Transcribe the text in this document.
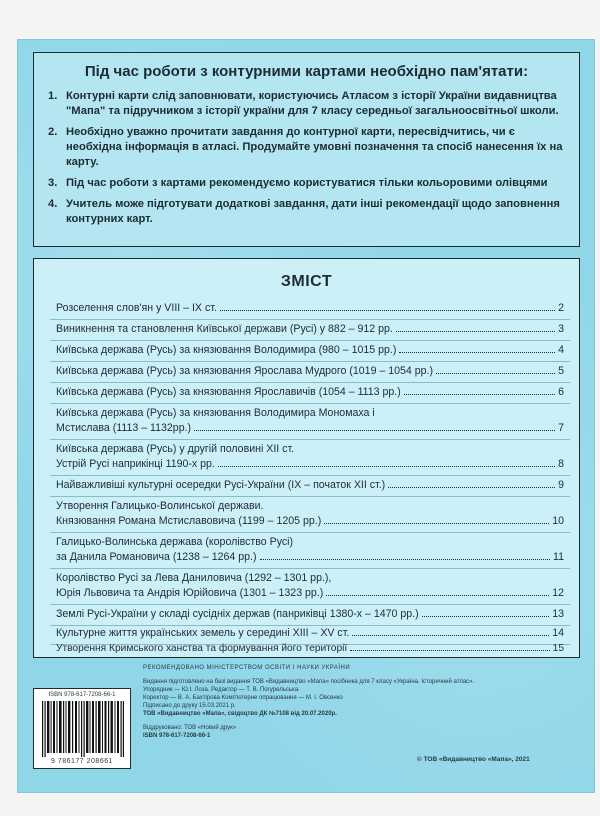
Під час роботи з контурними картами необхідно пам'ятати:
1. Контурні карти слід заповнювати, користуючись Атласом з історії України видавництва "Мапа" та підручником з історії україни для 7 класу середньої загальноосвітньої школи.
2. Необхідно уважно прочитати завдання до контурної карти, пересвідчитись, чи є необхідна інформація в атласі. Продумайте умовні позначення та спосіб нанесення їх на карту.
3. Під час роботи з картами рекомендуємо користуватися тільки кольоровими олівцями
4. Учитель може підготувати додаткові завдання, дати інші рекомендації щодо заповнення контурних карт.
ЗМІСТ
Розселення слов'ян у VIII – IX ст.	2
Виникнення та становлення Київської держави (Русі) у 882 – 912 рр.	3
Київська держава (Русь) за князювання Володимира (980 – 1015 рр.)	4
Київська держава (Русь) за князювання Ярослава Мудрого (1019 – 1054 рр.)	5
Київська держава (Русь) за князювання Ярославичів (1054 – 1113 рр.)	6
Київська держава (Русь) за князювання Володимира Мономаха і
Мстислава (1113 – 1132рр.)	7
Київська держава (Русь) у другій половині XII ст.
Устрій Русі наприкінці 1190-х рр.	8
Найважливіші культурні осередки Русі-України (IX – початок XII ст.)	9
Утворення Галицько-Волинської держави.
Князювання Романа Мстиславовича (1199 – 1205 рр.)	10
Галицько-Волинська держава (королівство Русі)
за Данила Романовича (1238 – 1264 рр.)	11
Королівство Русі за Лева Даниловича (1292 – 1301 рр.),
Юрія Львовича та Андрія Юрійовича (1301 – 1323 рр.)	12
Землі Русі-України у складі сусідніх держав (панриківці 1380-х – 1470 рр.)	13
Культурне життя українських земель у середині XIII – XV ст.	14
Утворення Кримського ханства та формування його території	15
ISBN 978-617-7208-66-1
9 786177 208661
РЕКОМЕНДОВАНО МІНІСТЕРСТВОМ ОСВІТИ І НАУКИ УКРАЇНИ

Видання підготовлено на базі видання ТОВ «Видавництво «Мапа» посібника для 7 класу «Україна. Історичний атлас».

Упорядник — Ю.І. Лоза. Редактор — Т. В. Погурельська.

Коректор — В. А. Бахтірова Комп'ютерне опрацювання — М. І. Овсенко

Підписано до друку 15.03.2021 р.

ТОВ «Видавництво «Мапа», свідоцтво ДК №7108 від 20.07.2020р.

Віддруковано: ТОВ «Новий друк»

ISBN 978-617-7208-66-1

© ТОВ «Видавництво «Мапа», 2021
